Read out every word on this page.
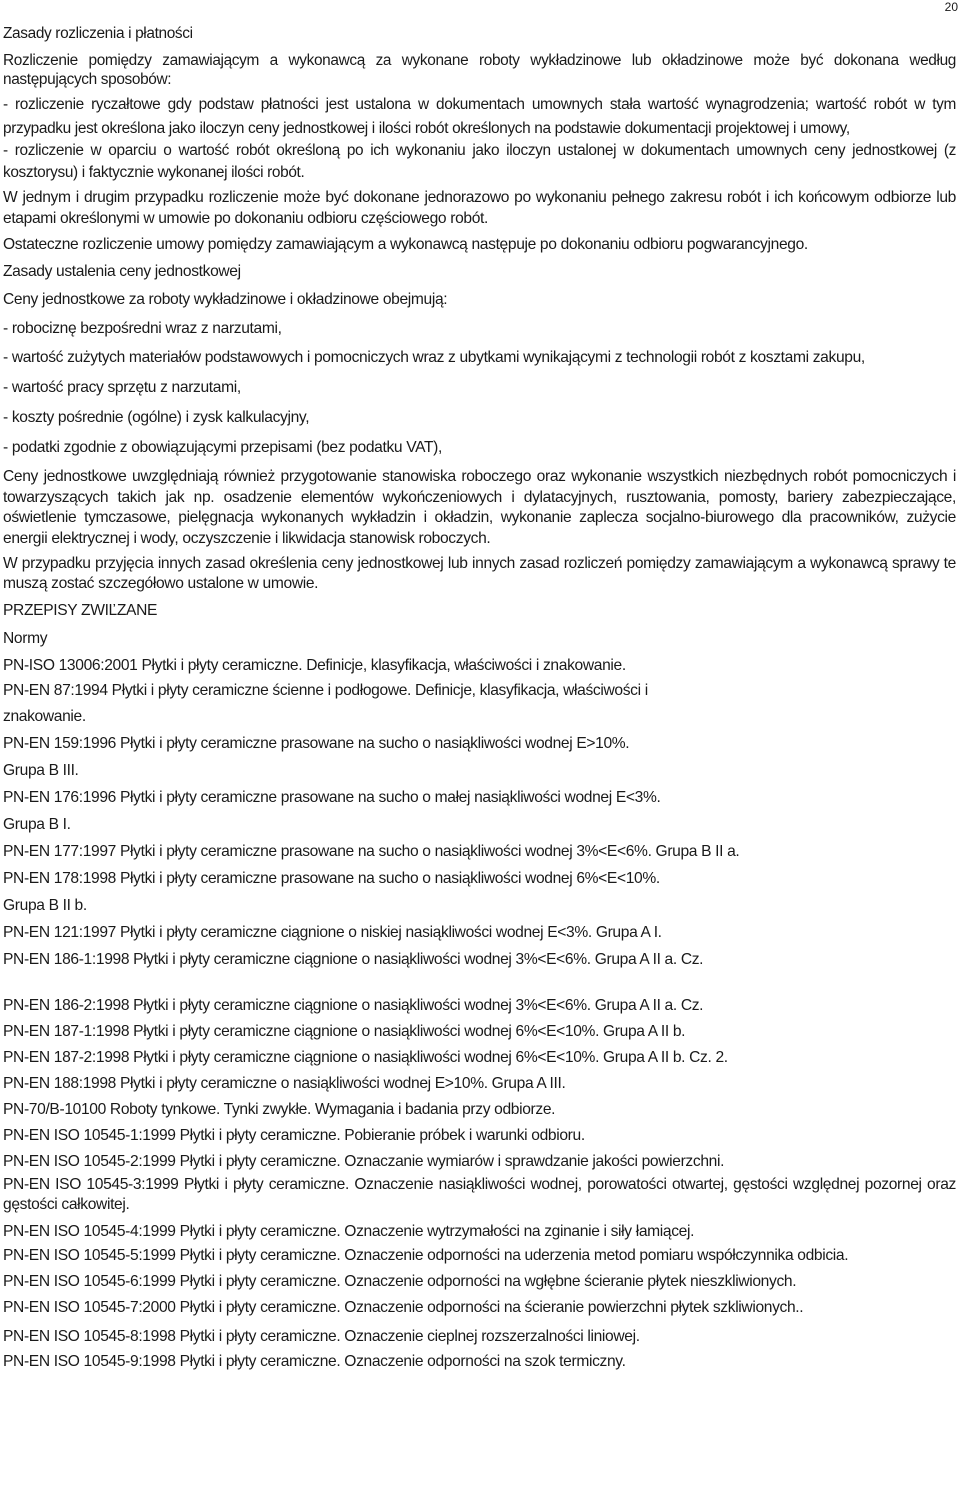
20

Zasady rozliczenia i płatności

Rozliczenie pomiędzy zamawiającym a wykonawcą za wykonane roboty wykładzinowe lub okładzinowe może być dokonana według następujących sposobów:

- rozliczenie ryczałtowe gdy podstaw płatności jest ustalona w dokumentach umownych stała wartość wynagrodzenia; wartość robót w tym przypadku jest określona jako iloczyn ceny jednostkowej i ilości robót określonych na podstawie dokumentacji projektowej i umowy,

- rozliczenie w oparciu o wartość robót określoną po ich wykonaniu jako iloczyn ustalonej w dokumentach umownych ceny jednostkowej (z kosztorysu) i faktycznie wykonanej ilości robót.

W jednym i drugim przypadku rozliczenie może być dokonane jednorazowo po wykonaniu pełnego zakresu robót i ich końcowym odbiorze lub etapami określonymi w umowie po dokonaniu odbioru częściowego robót.

Ostateczne rozliczenie umowy pomiędzy zamawiającym a wykonawcą następuje po dokonaniu odbioru pogwarancyjnego.

Zasady ustalenia ceny jednostkowej

Ceny jednostkowe za roboty wykładzinowe i okładzinowe obejmują:

- robociznę bezpośredni wraz z narzutami,

- wartość zużytych materiałów podstawowych i pomocniczych wraz z ubytkami wynikającymi z technologii robót z kosztami zakupu,

- wartość pracy sprzętu z narzutami,

- koszty pośrednie (ogólne) i zysk kalkulacyjny,

- podatki zgodnie z obowiązującymi przepisami (bez podatku VAT),

Ceny jednostkowe uwzględniają również przygotowanie stanowiska roboczego oraz wykonanie wszystkich niezbędnych robót pomocniczych i towarzyszących takich jak np. osadzenie elementów wykończeniowych i dylatacyjnych, rusztowania, pomosty, bariery zabezpieczające, oświetlenie tymczasowe, pielęgnacja wykonanych wykładzin i okładzin, wykonanie zaplecza socjalno-biurowego dla pracowników, zużycie energii elektrycznej i wody, oczyszczenie i likwidacja stanowisk roboczych.

W przypadku przyjęcia innych zasad określenia ceny jednostkowej lub innych zasad rozliczeń pomiędzy zamawiającym a wykonawcą sprawy te muszą zostać szczegółowo ustalone w umowie.

PRZEPISY ZWIĽZANE

Normy

PN-ISO 13006:2001 Płytki i płyty ceramiczne. Definicje, klasyfikacja, właściwości i znakowanie.

PN-EN 87:1994 Płytki i płyty ceramiczne ścienne i podłogowe. Definicje, klasyfikacja, właściwości i

znakowanie.

PN-EN 159:1996 Płytki i płyty ceramiczne prasowane na sucho o nasiąkliwości wodnej E>10%.

Grupa B III.

PN-EN 176:1996 Płytki i płyty ceramiczne prasowane na sucho o małej nasiąkliwości wodnej E<3%.

Grupa B I.

PN-EN 177:1997 Płytki i płyty ceramiczne prasowane na sucho o nasiąkliwości wodnej 3%<E<6%. Grupa B II a.

PN-EN 178:1998 Płytki i płyty ceramiczne prasowane na sucho o nasiąkliwości wodnej 6%<E<10%.

Grupa B II b.

PN-EN 121:1997 Płytki i płyty ceramiczne ciągnione o niskiej nasiąkliwości wodnej E<3%. Grupa A I.

PN-EN 186-1:1998 Płytki i płyty ceramiczne ciągnione o nasiąkliwości wodnej 3%<E<6%. Grupa A II a. Cz.

PN-EN 186-2:1998 Płytki i płyty ceramiczne ciągnione o nasiąkliwości wodnej 3%<E<6%. Grupa A II a. Cz.

PN-EN 187-1:1998 Płytki i płyty ceramiczne ciągnione o nasiąkliwości wodnej 6%<E<10%. Grupa A II b.

PN-EN 187-2:1998 Płytki i płyty ceramiczne ciągnione o nasiąkliwości wodnej 6%<E<10%. Grupa A II b. Cz. 2.

PN-EN 188:1998 Płytki i płyty ceramiczne o nasiąkliwości wodnej E>10%. Grupa A III.

PN-70/B-10100 Roboty tynkowe. Tynki zwykłe. Wymagania i badania przy odbiorze.

PN-EN ISO 10545-1:1999 Płytki i płyty ceramiczne. Pobieranie próbek i warunki odbioru.

PN-EN ISO 10545-2:1999 Płytki i płyty ceramiczne. Oznaczanie wymiarów i sprawdzanie jakości powierzchni.

PN-EN ISO 10545-3:1999 Płytki i płyty ceramiczne. Oznaczenie nasiąkliwości wodnej, porowatości otwartej, gęstości względnej pozornej oraz gęstości całkowitej.

PN-EN ISO 10545-4:1999 Płytki i płyty ceramiczne. Oznaczenie wytrzymałości na zginanie i siły łamiącej.

PN-EN ISO 10545-5:1999 Płytki i płyty ceramiczne. Oznaczenie odporności na uderzenia metod pomiaru współczynnika odbicia.

PN-EN ISO 10545-6:1999 Płytki i płyty ceramiczne. Oznaczenie odporności na wgłębne ścieranie płytek nieszkliwionych.

PN-EN ISO 10545-7:2000 Płytki i płyty ceramiczne. Oznaczenie odporności na ścieranie powierzchni płytek szkliwionych..

PN-EN ISO 10545-8:1998 Płytki i płyty ceramiczne. Oznaczenie cieplnej rozszerzalności liniowej.

PN-EN ISO 10545-9:1998 Płytki i płyty ceramiczne. Oznaczenie odporności na szok termiczny.
